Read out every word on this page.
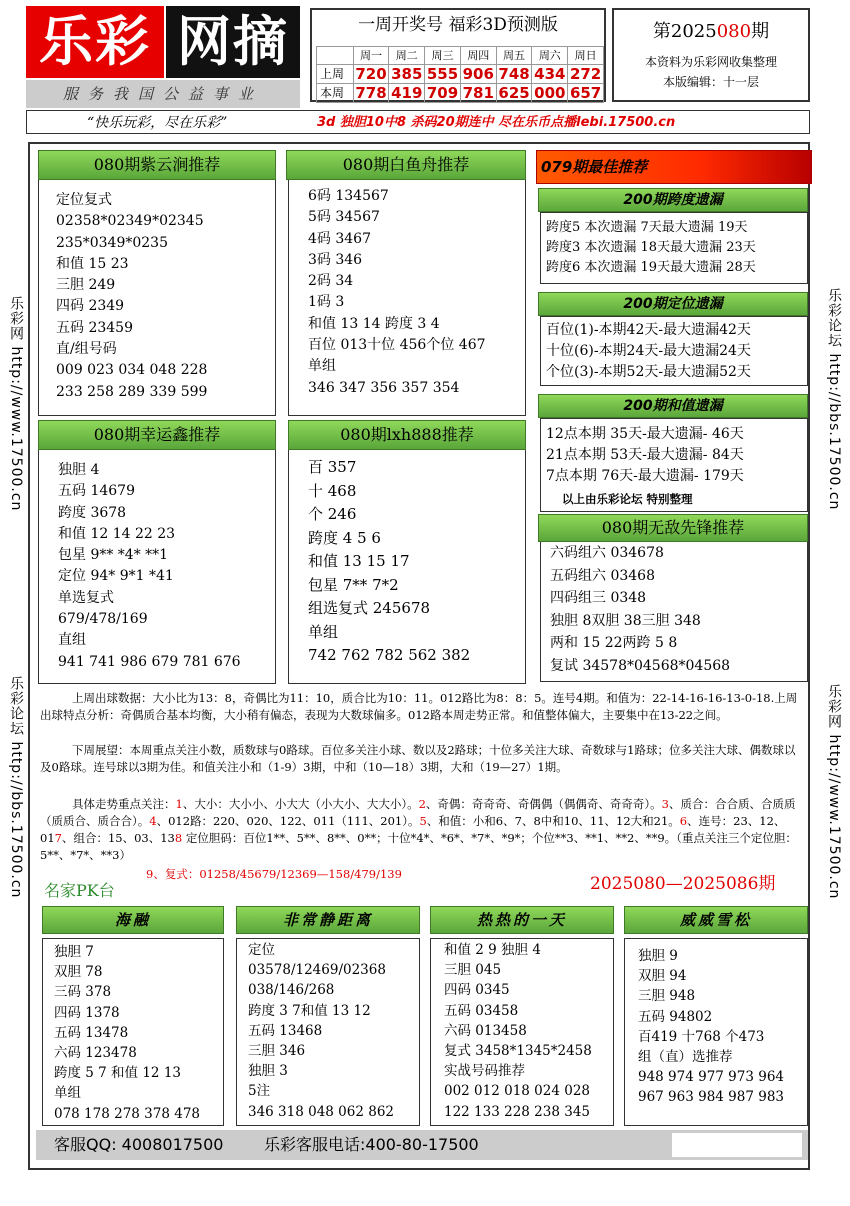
乐彩 网摘
服务我国公益事业
一周开奖号 福彩3D预测版
	周一	周二	周三	周四	周五	周六	周日
上周	720	385	555	906	748	434	272
本周	778	419	709	781	625	000	657
第2025080期
本资料为乐彩网收集整理
本版编辑：十一层
“快乐玩彩，尽在乐彩”	3d 独胆10中8 杀码20期连中 尽在乐币点播lebi.17500.cn
乐彩网 http://www.17500.cn
乐彩论坛 http://bbs.17500.cn
乐彩论坛 http://bbs.17500.cn
乐彩网 http://www.17500.cn
080期紫云涧推荐
定位复式
02358*02349*02345
235*0349*0235
和值 15 23
三胆 249
四码 2349
五码 23459
直/组号码
009 023 034 048 228
233 258 289 339 599
080期白鱼舟推荐
6码 134567
5码 34567
4码 3467
3码 346
2码 34
1码 3
和值 13 14 跨度 3 4
百位 013十位 456个位 467
单组
346 347 356 357 354
080期幸运鑫推荐
独胆 4
五码 14679
跨度 3678
和值 12 14 22 23
包星 9** *4* **1
定位 94* 9*1 *41
单选复式
679/478/169
直组
941 741 986 679 781 676
080期lxh888推荐
百 357
十 468
个 246
跨度 4 5 6
和值 13 15 17
包星 7** 7*2
组选复式 245678
单组
742 762 782 562 382
079期最佳推荐
200期跨度遗漏
跨度5 本次遗漏 7天最大遗漏 19天
跨度3 本次遗漏 18天最大遗漏 23天
跨度6 本次遗漏 19天最大遗漏 28天
200期定位遗漏
百位(1)-本期42天-最大遗漏42天
十位(6)-本期24天-最大遗漏24天
个位(3)-本期52天-最大遗漏52天
200期和值遗漏
12点本期 35天-最大遗漏- 46天
21点本期 53天-最大遗漏- 84天
7点本期 76天-最大遗漏- 179天
以上由乐彩论坛 特别整理
080期无敌先锋推荐
六码组六 034678
五码组六 03468
四码组三 0348
独胆 8双胆 38三胆 348
两和 15 22两跨 5 8
复试 34578*04568*04568
上周出球数据：大小比为13：8，奇偶比为11：10，质合比为10：11。012路比为8：8：5。连号4期。和值为：22-14-16-16-13-0-18.上周出球特点分析：奇偶质合基本均衡，大小稍有偏态，表现为大数球偏多。012路本周走势正常。和值整体偏大，主要集中在13-22之间。
下周展望：本周重点关注小数，质数球与0路球。百位多关注小球、数以及2路球；十位多关注大球、奇数球与1路球；位多关注大球、偶数球以及0路球。连号球以3期为佳。和值关注小和（1-9）3期，中和（10—18）3期，大和（19—27）1期。
具体走势重点关注：1、大小：大小小、小大大（小大小、大大小）。2、奇偶：奇奇奇、奇偶偶（偶偶奇、奇奇奇）。3、质合：合合质、合质质（质质合、质合合）。4、012路：220、020、122、011（111、201）。5、和值：小和6、7、8中和10、11、12大和21。6、连号：23、12、017、组合：15、03、138 定位胆码：百位1**、5**、8**、0**；十位*4*、*6*、*7*、*9*；个位**3、**1、**2、**9。（重点关注三个定位胆：5**、*7*、**3）
9、复式：01258/45679/12369—158/479/139
名家PK台	2025080—2025086期
海融
独胆 7
双胆 78
三码 378
四码 1378
五码 13478
六码 123478
跨度 5 7 和值 12 13
单组
078 178 278 378 478
非常静距离
定位
03578/12469/02368
038/146/268
跨度 3 7和值 13 12
五码 13468
三胆 346
独胆 3
5注
346 318 048 062 862
热热的一天
和值 2 9 独胆 4
三胆 045
四码 0345
五码 03458
六码 013458
复式 3458*1345*2458
实战号码推荐
002 012 018 024 028
122 133 228 238 345
威威雪松
独胆 9
双胆 94
三胆 948
五码 94802
百419 十768 个473
组（直）选推荐
948 974 977 973 964
967 963 984 987 983
客服QQ: 4008017500	乐彩客服电话:400-80-17500
